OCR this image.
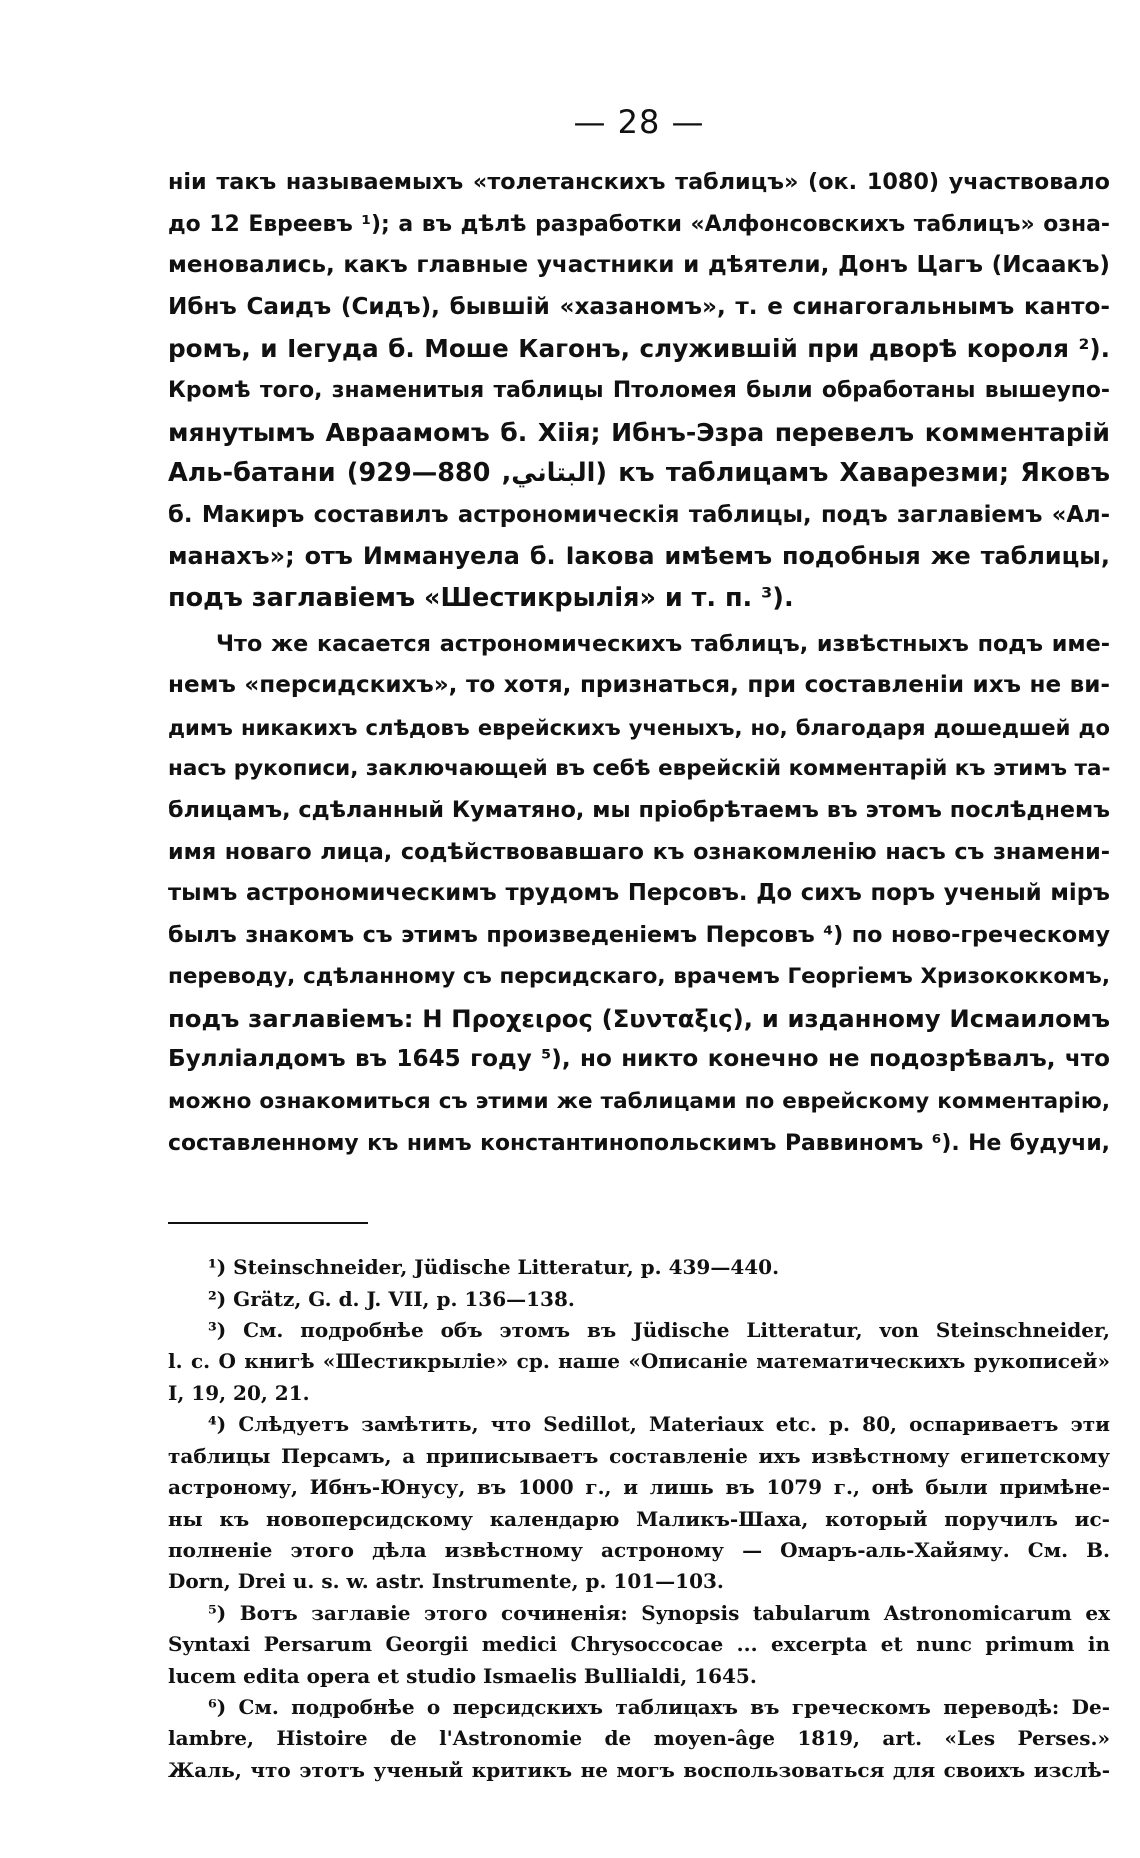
— 28 —

ніи такъ называемыхъ «толетанскихъ таблицъ» (ок. 1080) участвовало
до 12 Евреевъ ¹); а въ дѣлѣ разработки «Алфонсовскихъ таблицъ» озна-
меновались, какъ главные участники и дѣятели, Донъ Цагъ (Исаакъ)
Ибнъ Саидъ (Сидъ), бывшій «хазаномъ», т. е синагогальнымъ канто-
ромъ, и Іегуда б. Моше Кагонъ, служившій при дворѣ короля ²).
Кромѣ того, знаменитыя таблицы Птоломея были обработаны вышеупо-
мянутымъ Авраамомъ б. Хiiя; Ибнъ-Эзра перевелъ комментарій
Аль-батани (البتاني, 880—929) къ таблицамъ Хаварезми; Яковъ
б. Макиръ составилъ астрономическія таблицы, подъ заглавіемъ «Ал-
манахъ»; отъ Иммануела б. Іакова имѣемъ подобныя же таблицы,
подъ заглавіемъ «Шестикрылія» и т. п. ³).

Что же касается астрономическихъ таблицъ, извѣстныхъ подъ име-
немъ «персидскихъ», то хотя, признаться, при составленіи ихъ не ви-
димъ никакихъ слѣдовъ еврейскихъ ученыхъ, но, благодаря дошедшей до
насъ рукописи, заключающей въ себѣ еврейскій комментарій къ этимъ та-
блицамъ, сдѣланный Куматяно, мы пріобрѣтаемъ въ этомъ послѣднемъ
имя новаго лица, содѣйствовавшаго къ ознакомленію насъ съ знамени-
тымъ астрономическимъ трудомъ Персовъ. До сихъ поръ ученый міръ
былъ знакомъ съ этимъ произведеніемъ Персовъ ⁴) по ново-греческому
переводу, сдѣланному съ персидскаго, врачемъ Георгіемъ Хризококкомъ,
подъ заглавіемъ: Η Προχειρος (Συνταξις), и изданному Исмаиломъ
Булліалдомъ въ 1645 году ⁵), но никто конечно не подозрѣвалъ, что
можно ознакомиться съ этими же таблицами по еврейскому комментарію,
составленному къ нимъ константинопольскимъ Раввиномъ ⁶). Не будучи,

¹) Steinschneider, Jüdische Litteratur, p. 439—440.

²) Grätz, G. d. J. VII, p. 136—138.

³) См. подробнѣе объ этомъ въ Jüdische Litteratur, von Steinschneider,
l. c. О книгѣ «Шестикрыліе» ср. наше «Описаніе математическихъ рукописей»
I, 19, 20, 21.

⁴) Слѣдуетъ замѣтить, что Sedillot, Materiaux etc. p. 80, оспариваетъ эти
таблицы Персамъ, а приписываетъ составленіе ихъ извѣстному египетскому
астроному, Ибнъ-Юнусу, въ 1000 г., и лишь въ 1079 г., онѣ были примѣне-
ны къ новоперсидскому календарю Маликъ-Шаха, который поручилъ ис-
полненіе этого дѣла извѣстному астроному — Омаръ-аль-Хайяму. См. B.
Dorn, Drei u. s. w. astr. Instrumente, p. 101—103.

⁵) Вотъ заглавіе этого сочиненія: Synopsis tabularum Astronomicarum ex
Syntaxi Persarum Georgii medici Chrysoccocae ... excerpta et nunc primum in
lucem edita opera et studio Ismaelis Bullialdi, 1645.

⁶) См. подробнѣе о персидскихъ таблицахъ въ греческомъ переводѣ: De-
lambre, Histoire de l'Astronomie de moyen-âge 1819, art. «Les Perses.»
Жаль, что этотъ ученый критикъ не могъ воспользоваться для своихъ изслѣ-
